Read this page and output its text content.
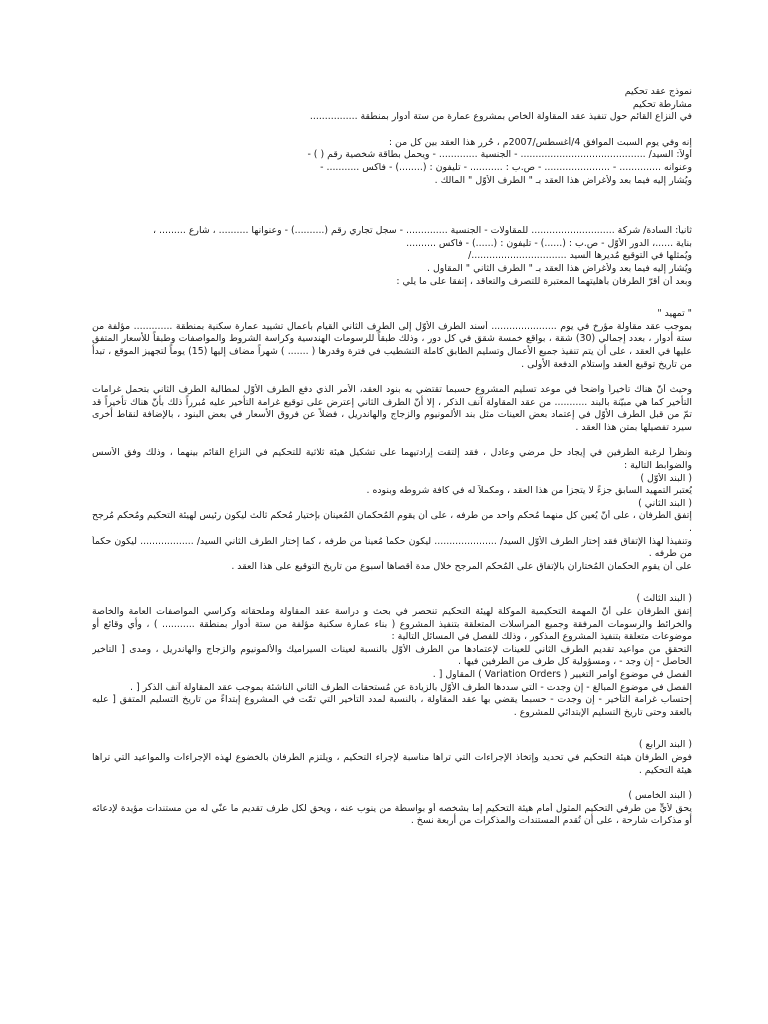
نموذج عقد تحكيم

مشارطة تحكيم

في النزاع القائم حول تنفيذ عقد المقاولة الخاص بمشروع عمارة من ستة أدوار بمنطقة ................

إنه وفي يوم السبت الموافق 4/أغسطس/2007م ، حُرر هذا العقد بين كل من :

أولاً: السيد/ .......................................... - الجنسية ............. - ويحمل بطاقة شخصية رقم ( ) -

وعنوانه .............. - ...................... - ص.ب : ........... - تليفون : (........) - فاكس ........... -

ويُشار إليه فيما بعد ولأغراض هذا العقد بـ " الطرف الأوّل " المالك .

ثانياً: السادة/ شركة ............................ للمقاولات - الجنسية .............. - سجل تجاري رقم (..........) - وعنوانها .......... ، شارع ......... ،

بناية ......، الدور الأوّل - ص.ب : (......) - تليفون : (......) - فاكس ..........

ويُمثلها في التوقيع مُديرها السيد ................................/

ويُشار إليه فيما بعد ولأغراض هذا العقد بـ " الطرف الثاني " المقاول .

وبعد أن أقرّ الطرفان بأهليتهما المعتبرة للتصرف والتعاقد ، إتفقا على ما يلي :

" تمهيد "

بموجب عقد مقاولة مؤرخ في يوم ...................... أُسند الطرف الأوّل إلى الطرف الثاني القيام بأعمال تشييد عمارة سكنية بمنطقة ............. مؤلفة من ستة أدوار ، بعدد إجمالي (30) شقة ، بواقع خمسة شقق في كل دور ، وذلك طبقاً للرسومات الهندسية وكراسة الشروط والمواصفات وطبقاً للأسعار المتفق عليها في العقد ، على أن يتم تنفيذ جميع الأعمال وتسليم الطابق كاملة التشطيب في فترة وقدرها ( ....... ) شهراً مضاف إليها (15) يوماً لتجهيز الموقع ، تبدأ من تاريخ توقيع العقد وإستلام الدفعة الأولى .

وحيث أنّ هناك تأخيراً واضحاً في موعد تسليم المشروع حسبما تقتضي به بنود العقد، الأمر الذي دفع الطرف الأوّل لمطالبة الطرف الثاني بتحمل غرامات التأخير كما هي مبيّنة بالبند ........... من عقد المقاولة آنف الذكر ، إلا أنّ الطرف الثاني إعترض على توقيع غرامة التأخير عليه مُبرراً ذلك بأنّ هناك تأخيراً قد تمّ من قبل الطرف الأوّل في إعتماد بعض العينات مثل بند الألمونيوم والزجاج والهاندريل ، فضلاً عن فروق الأسعار في بعض البنود ، بالإضافة لنقاط أخرى سيرد تفصيلها بمتن هذا العقد .

ونظراً لرغبة الطرفين في إيجاد حل مرضي وعادل ، فقد إلتقت إرادتيهما على تشكيل هيئة ثلاثية للتحكيم في النزاع القائم بينهما ، وذلك وفق الأُسس والضوابط التالية :

( البند الأوّل )

يُعتبر التمهيد السابق جزءً لا يتجزأ من هذا العقد ، ومكملاً له في كافة شروطه وبنوده .

( البند الثاني )

إتفق الطرفان ، على أنّ يُعين كل منهما مُحكم واحد من طرفه ، على أن يقوم المُحكمان المُعينان بإختيار مُحكم ثالث ليكون رئيس لهيئة التحكيم ومُحكم مُرجح .

وتنفيذاً لهذا الإتفاق فقد إختار الطرف الأوّل السيد/ ..................... ليكون حكماً مُعيناً من طرفه ، كما إختار الطرف الثاني السيد/ .................. ليكون حكماً من طرفه .

على أن يقوم الحكمان المُختاران بالإتفاق على المُحكم المرجح خلال مدة أقصاها أسبوع من تاريخ التوقيع على هذا العقد .

( البند الثالث )

إتفق الطرفان على أنّ المهمة التحكيمية الموكلة لهيئة التحكيم تنحصر في بحث و دراسة عقد المقاولة وملحقاته وكراسي المواصفات العامة والخاصة والخرائط والرسومات المرفقة وجميع المراسلات المتعلقة بتنفيذ المشروع ( بناء عمارة سكنية مؤلفة من ستة أدوار بمنطقة ........... ) ، وأي وقائع أو موضوعات متعلقة بتنفيذ المشروع المذكور ، وذلك للفصل في المسائل التالية :

التحقق من مواعيد تقديم الطرف الثاني للعينات لإعتمادها من الطرف الأوّل بالنسبة لعينات السيراميك والألمونيوم والزجاج والهاندريل ، ومدى [ التأخير الحاصل - إن وجد - ، ومسؤولية كل طرف من الطرفين فيها .

الفصل في موضوع أوامر التغيير ( Variation Orders ) المقاول [ .

الفصل في موضوع المبالغ - إن وجدت - التي سددها الطرف الأوّل بالزيادة عن مُستحقات الطرف الثاني الناشئة بموجب عقد المقاولة آنف الذكر [ .

إحتساب غرامة التأخير - إن وجدت - حسبما يقضي بها عقد المقاولة ، بالنسبة لمدد التأخير التي تمّت في المشروع إبتداءً من تاريخ التسليم المتفق [ عليه بالعقد وحتى تاريخ التسليم الإبتدائي للمشروع .

( البند الرابع )

فوض الطرفان هيئة التحكيم في تحديد وإتخاذ الإجراءات التي تراها مناسبة لإجراء التحكيم ، ويلتزم الطرفان بالخضوع لهذه الإجراءات والمواعيد التي تراها هيئة التحكيم .

( البند الخامس )

يحق لأيٍّ من طرفي التحكيم المثول أمام هيئة التحكيم إما بشخصه أو بواسطة من ينوب عنه ، ويحق لكل طرف تقديم ما عنّي له من مستندات مؤيدة لإدعائه أو مذكرات شارحة ، على أن تُقدم المستندات والمذكرات من أربعة نسخ .
